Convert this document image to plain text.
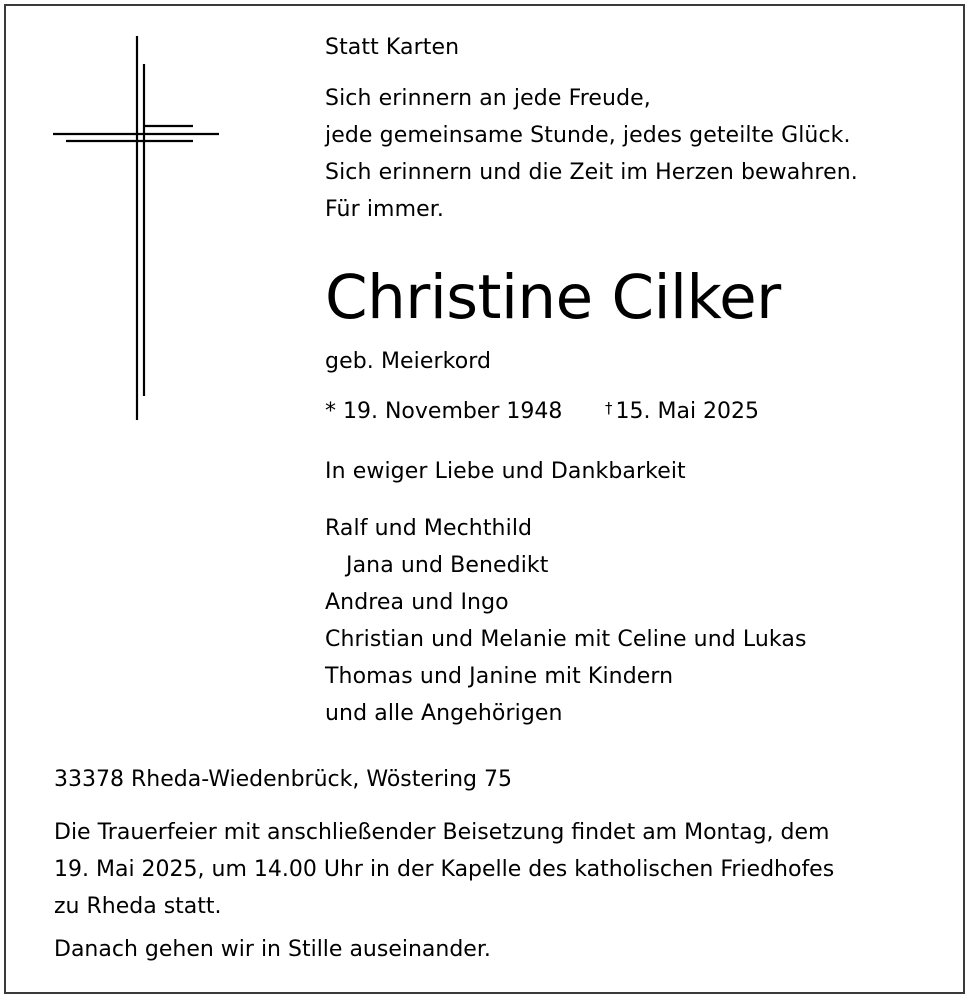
Statt Karten
Sich erinnern an jede Freude,
jede gemeinsame Stunde, jedes geteilte Glück.
Sich erinnern und die Zeit im Herzen bewahren.
Für immer.
Christine Cilker
geb. Meierkord
* 19. November 1948	† 15. Mai 2025
In ewiger Liebe und Dankbarkeit
Ralf und Mechthild
Jana und Benedikt
Andrea und Ingo
Christian und Melanie mit Celine und Lukas
Thomas und Janine mit Kindern
und alle Angehörigen
33378 Rheda-Wiedenbrück, Wöstering 75
Die Trauerfeier mit anschließender Beisetzung findet am Montag, dem
19. Mai 2025, um 14.00 Uhr in der Kapelle des katholischen Friedhofes
zu Rheda statt.
Danach gehen wir in Stille auseinander.
